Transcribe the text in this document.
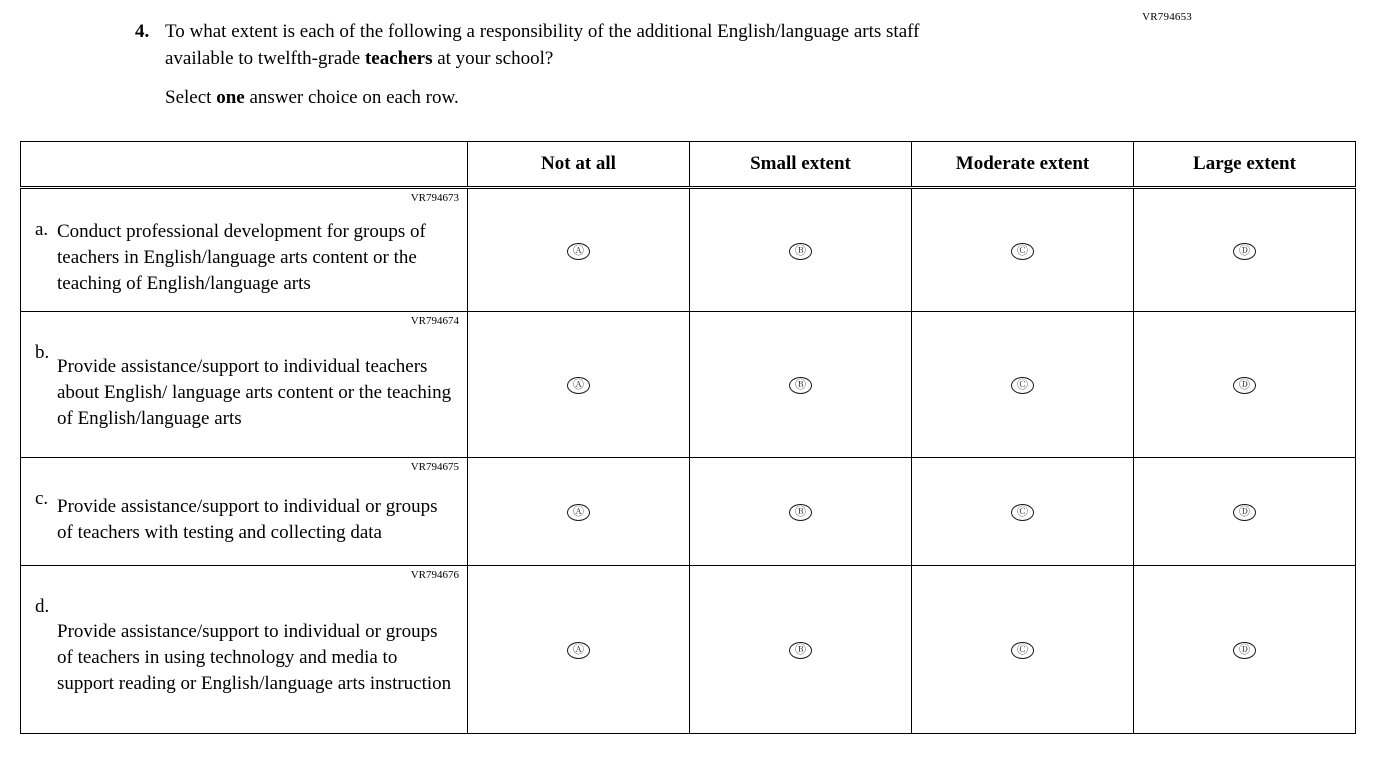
VR794653
4. To what extent is each of the following a responsibility of the additional English/language arts staff available to twelfth-grade teachers at your school?
Select one answer choice on each row.
	Not at all	Small extent	Moderate extent	Large extent

VR794673
a. Conduct professional development for groups of teachers in English/language arts content or the teaching of English/language arts	Ⓐ	Ⓑ	Ⓒ	Ⓓ

VR794674
b.
Provide assistance/support to individual teachers about English/ language arts content or the teaching of English/language arts	Ⓐ	Ⓑ	Ⓒ	Ⓓ

VR794675
c. Provide assistance/support to individual or groups of teachers with testing and collecting data	Ⓐ	Ⓑ	Ⓒ	Ⓓ

VR794676
d.
Provide assistance/support to individual or groups of teachers in using technology and media to support reading or English/language arts instruction	Ⓐ	Ⓑ	Ⓒ	Ⓓ
